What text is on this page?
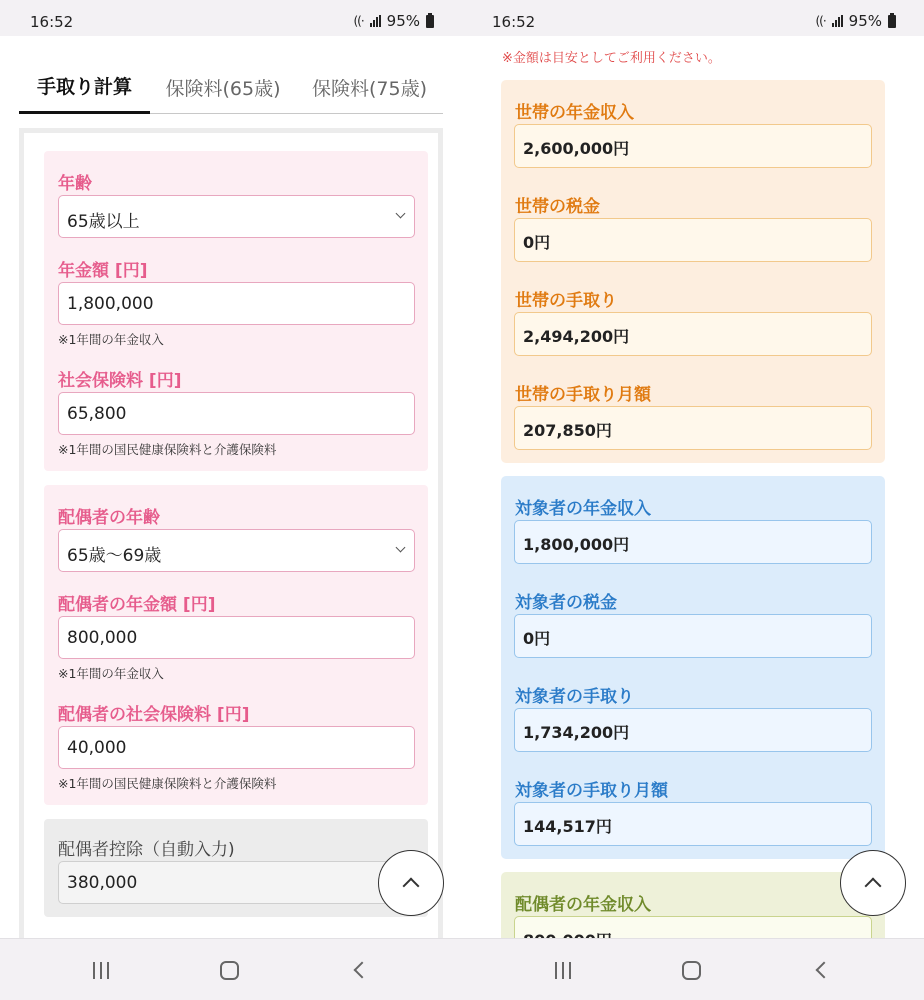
16:52	((· 95%
手取り計算	保険料(65歳)	保険料(75歳)
年齢
65歳以上
年金額 [円]
1,800,000
※1年間の年金収入
社会保険料 [円]
65,800
※1年間の国民健康保険料と介護保険料
配偶者の年齢
65歳〜69歳
配偶者の年金額 [円]
800,000
※1年間の年金収入
配偶者の社会保険料 [円]
40,000
※1年間の国民健康保険料と介護保険料
配偶者控除（自動入力)
380,000
16:52	((· 95%
※金額は目安としてご利用ください。
世帯の年金収入
2,600,000円
世帯の税金
0円
世帯の手取り
2,494,200円
世帯の手取り月額
207,850円
対象者の年金収入
1,800,000円
対象者の税金
0円
対象者の手取り
1,734,200円
対象者の手取り月額
144,517円
配偶者の年金収入
